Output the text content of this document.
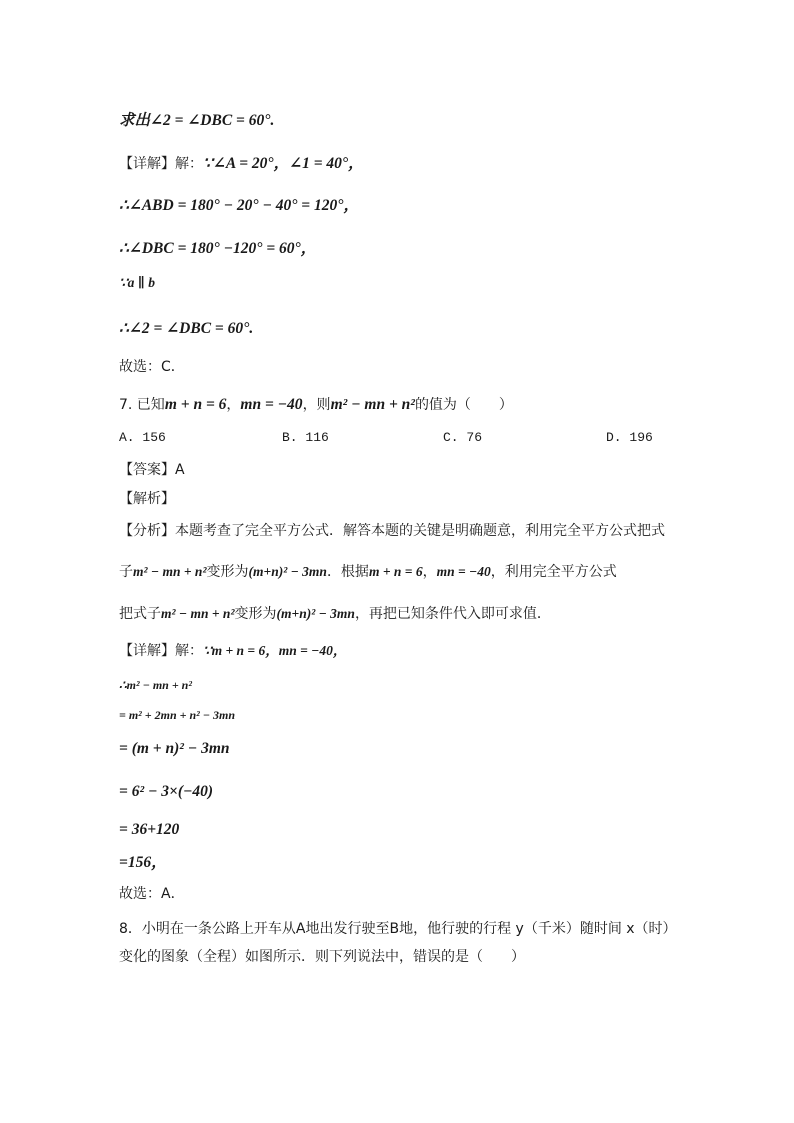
求出∠2 = ∠DBC = 60°.
【详解】解：∵∠A = 20°，∠1 = 40°，
∴∠ABD = 180° − 20° − 40° = 120°，
∴∠DBC = 180° −120° = 60°，
∵a ∥ b
∴∠2 = ∠DBC = 60°.
故选：C．
7. 已知m + n = 6，mn = −40，则m² − mn + n²的值为（　　）
A. 156	B. 116	C. 76	D. 196
【答案】A
【解析】
【分析】本题考查了完全平方公式．解答本题的关键是明确题意，利用完全平方公式把式
子m² − mn + n²变形为(m+n)² − 3mn．根据m + n = 6，mn = −40，利用完全平方公式
把式子m² − mn + n²变形为(m+n)² − 3mn，再把已知条件代入即可求值．
【详解】解：∵m + n = 6，mn = −40，
∴m² − mn + n²
= m² + 2mn + n² − 3mn
= (m + n)² − 3mn
= 6² − 3×(−40)
= 36+120
=156，
故选：A．
8．小明在一条公路上开车从A地出发行驶至B地，他行驶的行程 y（千米）随时间 x（时）
变化的图象（全程）如图所示．则下列说法中，错误的是（　　）
